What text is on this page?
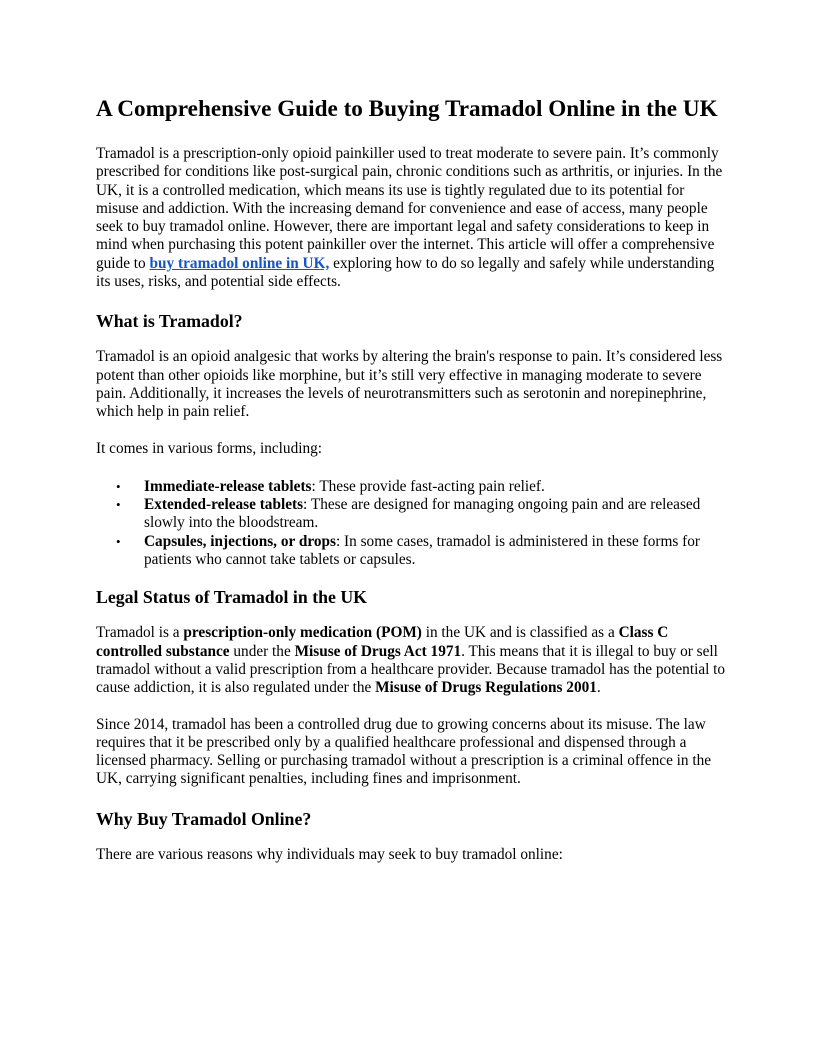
A Comprehensive Guide to Buying Tramadol Online in the UK

Tramadol is a prescription-only opioid painkiller used to treat moderate to severe pain. It’s commonly prescribed for conditions like post-surgical pain, chronic conditions such as arthritis, or injuries. In the UK, it is a controlled medication, which means its use is tightly regulated due to its potential for misuse and addiction. With the increasing demand for convenience and ease of access, many people seek to buy tramadol online. However, there are important legal and safety considerations to keep in mind when purchasing this potent painkiller over the internet. This article will offer a comprehensive guide to buy tramadol online in UK, exploring how to do so legally and safely while understanding its uses, risks, and potential side effects.

What is Tramadol?

Tramadol is an opioid analgesic that works by altering the brain's response to pain. It’s considered less potent than other opioids like morphine, but it’s still very effective in managing moderate to severe pain. Additionally, it increases the levels of neurotransmitters such as serotonin and norepinephrine, which help in pain relief.

It comes in various forms, including:

• Immediate-release tablets: These provide fast-acting pain relief.
• Extended-release tablets: These are designed for managing ongoing pain and are released slowly into the bloodstream.
• Capsules, injections, or drops: In some cases, tramadol is administered in these forms for patients who cannot take tablets or capsules.
Legal Status of Tramadol in the UK

Tramadol is a prescription-only medication (POM) in the UK and is classified as a Class C controlled substance under the Misuse of Drugs Act 1971. This means that it is illegal to buy or sell tramadol without a valid prescription from a healthcare provider. Because tramadol has the potential to cause addiction, it is also regulated under the Misuse of Drugs Regulations 2001.

Since 2014, tramadol has been a controlled drug due to growing concerns about its misuse. The law requires that it be prescribed only by a qualified healthcare professional and dispensed through a licensed pharmacy. Selling or purchasing tramadol without a prescription is a criminal offence in the UK, carrying significant penalties, including fines and imprisonment.

Why Buy Tramadol Online?

There are various reasons why individuals may seek to buy tramadol online:
